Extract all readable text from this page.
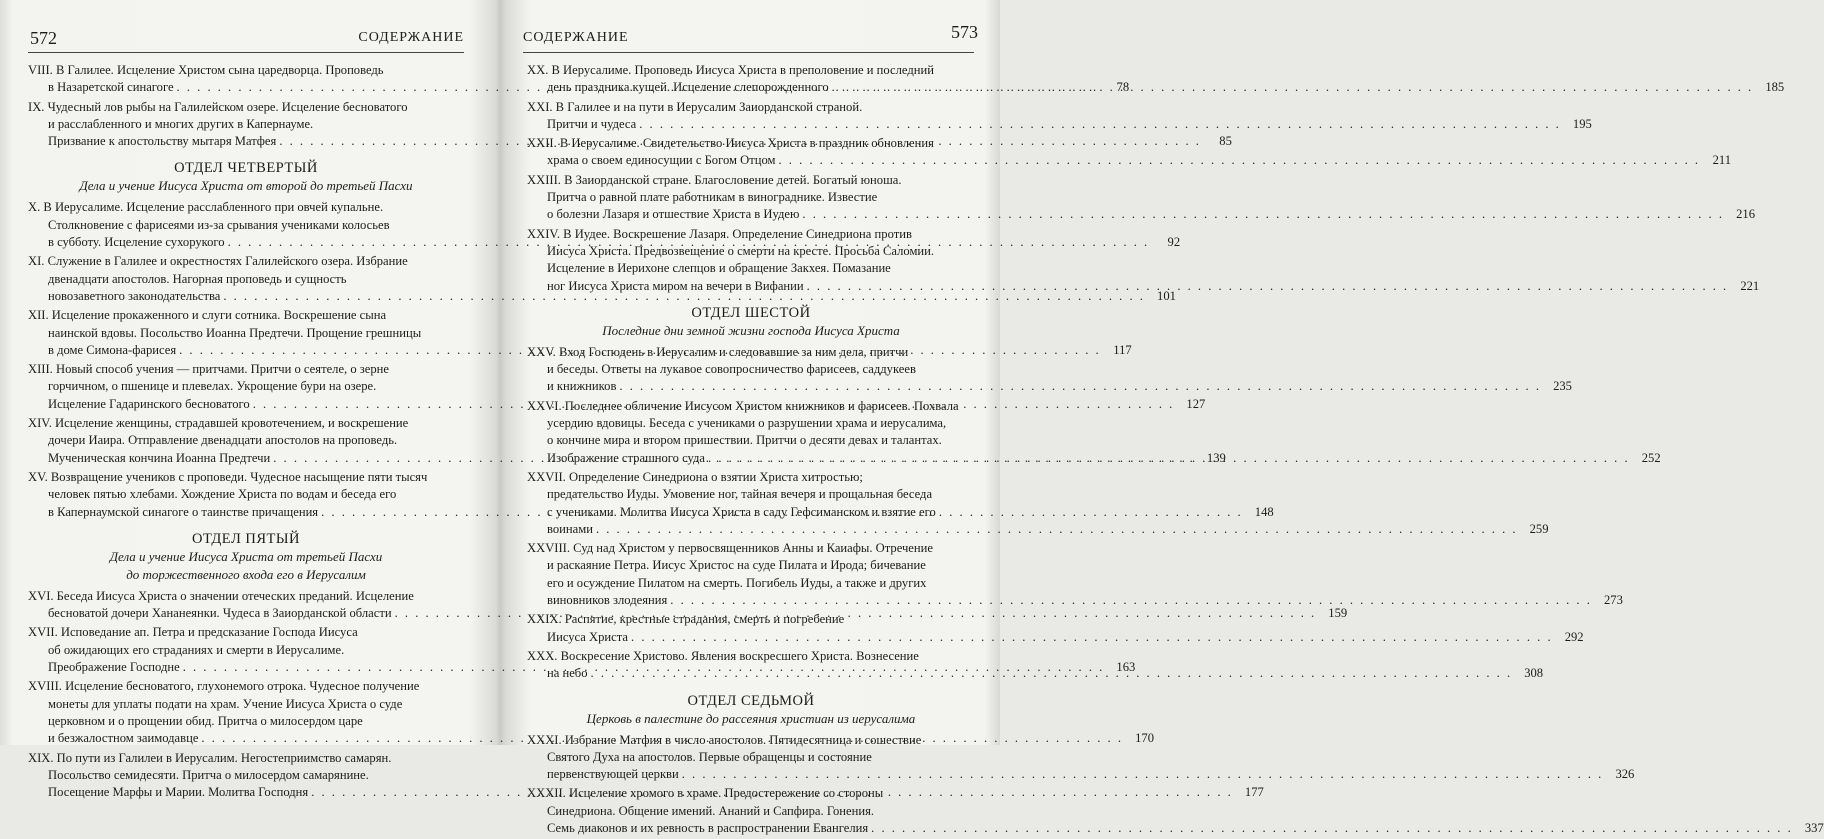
572	СОДЕРЖАНИЕ
VIII. В Галилее. Исцеление Христом сына царедворца. Проповедь
в Назаретской синагоге . . .	78
IX. Чудесный лов рыбы на Галилейском озере. Исцеление бесноватого
и расслабленного и многих других в Капернауме.
Призвание к апостольству мытаря Матфея . . .	85
ОТДЕЛ ЧЕТВЕРТЫЙ
Дела и учение Иисуса Христа от второй до третьей Пасхи
X. В Иерусалиме. Исцеление расслабленного при овчей купальне.
Столкновение с фарисеями из-за срывания учениками колосьев
в субботу. Исцеление сухорукого . . .	92
XI. Служение в Галилее и окрестностях Галилейского озера. Избрание
двенадцати апостолов. Нагорная проповедь и сущность
новозаветного законодательства . . .	101
XII. Исцеление прокаженного и слуги сотника. Воскрешение сына
наинской вдовы. Посольство Иоанна Предтечи. Прощение грешницы
в доме Симона-фарисея . . .	117
XIII. Новый способ учения — притчами. Притчи о сеятеле, о зерне
горчичном, о пшенице и плевелах. Укрощение бури на озере.
Исцеление Гадаринского бесноватого . . .	127
XIV. Исцеление женщины, страдавшей кровотечением, и воскрешение
дочери Иаира. Отправление двенадцати апостолов на проповедь.
Мученическая кончина Иоанна Предтечи . . .	139
XV. Возвращение учеников с проповеди. Чудесное насыщение пяти тысяч
человек пятью хлебами. Хождение Христа по водам и беседа его
в Капернаумской синагоге о таинстве причащения . . .	148
ОТДЕЛ ПЯТЫЙ
Дела и учение Иисуса Христа от третьей Пасхи
до торжественного входа его в Иерусалим
XVI. Беседа Иисуса Христа о значении отеческих преданий. Исцеление
бесноватой дочери Хананеянки. Чудеса в Заиорданской области . . .	159
XVII. Исповедание ап. Петра и предсказание Господа Иисуса
об ожидающих его страданиях и смерти в Иерусалиме.
Преображение Господне . . .	163
XVIII. Исцеление бесноватого, глухонемого отрока. Чудесное получение
монеты для уплаты подати на храм. Учение Иисуса Христа о суде
церковном и о прощении обид. Притча о милосердом царе
и безжалостном заимодавце . . .	170
XIX. По пути из Галилеи в Иерусалим. Негостеприимство самарян.
Посольство семидесяти. Притча о милосердом самарянине.
Посещение Марфы и Марии. Молитва Господня . . .	177
СОДЕРЖАНИЕ	573
XX. В Иерусалиме. Проповедь Иисуса Христа в преполовение и последний
день праздника кущей. Исцеление слепорожденного . . .	185
XXI. В Галилее и на пути в Иерусалим Заиорданской страной.
Притчи и чудеса . . .	195
XXII. В Иерусалиме. Свидетельство Иисуса Христа в праздник обновления
храма о своем единосущии с Богом Отцом . . .	211
XXIII. В Заиорданской стране. Благословение детей. Богатый юноша.
Притча о равной плате работникам в винограднике. Известие
о болезни Лазаря и отшествие Христа в Иудею . . .	216
XXIV. В Иудее. Воскрешение Лазаря. Определение Синедриона против
Иисуса Христа. Предвозвещение о смерти на кресте. Просьба Саломии.
Исцеление в Иерихоне слепцов и обращение Закхея. Помазание
ног Иисуса Христа миром на вечери в Вифании . . .	221
ОТДЕЛ ШЕСТОЙ
Последние дни земной жизни господа Иисуса Христа
XXV. Вход Господень в Иерусалим и следовавшие за ним дела, притчи
и беседы. Ответы на лукавое совопросничество фарисеев, саддукеев
и книжников . . .	235
XXVI. Последнее обличение Иисусом Христом книжников и фарисеев. Похвала
усердию вдовицы. Беседа с учениками о разрушении храма и иерусалима,
о кончине мира и втором пришествии. Притчи о десяти девах и талантах.
Изображение страшного суда . . .	252
XXVII. Определение Синедриона о взятии Христа хитростью;
предательство Иуды. Умовение ног, тайная вечеря и прощальная беседа
с учениками. Молитва Иисуса Христа в саду Гефсиманском и взятие его
воинами . . .	259
XXVIII. Суд над Христом у первосвященников Анны и Каиафы. Отречение
и раскаяние Петра. Иисус Христос на суде Пилата и Ирода; бичевание
его и осуждение Пилатом на смерть. Погибель Иуды, а также и других
виновников злодеяния . . .	273
XXIX. Распятие, крестные страдания, смерть и погребение
Иисуса Христа . . .	292
XXX. Воскресение Христово. Явления воскресшего Христа. Вознесение
на небо . . .	308
ОТДЕЛ СЕДЬМОЙ
Церковь в палестине до рассеяния христиан из иерусалима
XXXI. Избрание Матфия в число апостолов. Пятидесятница и сошествие
Святого Духа на апостолов. Первые обращенцы и состояние
первенствующей церкви . . .	326
XXXII. Исцеление хромого в храме. Предостережение со стороны
Синедриона. Общение имений. Ананий и Сапфира. Гонения.
Семь диаконов и их ревность в распространении Евангелия . . .	337
